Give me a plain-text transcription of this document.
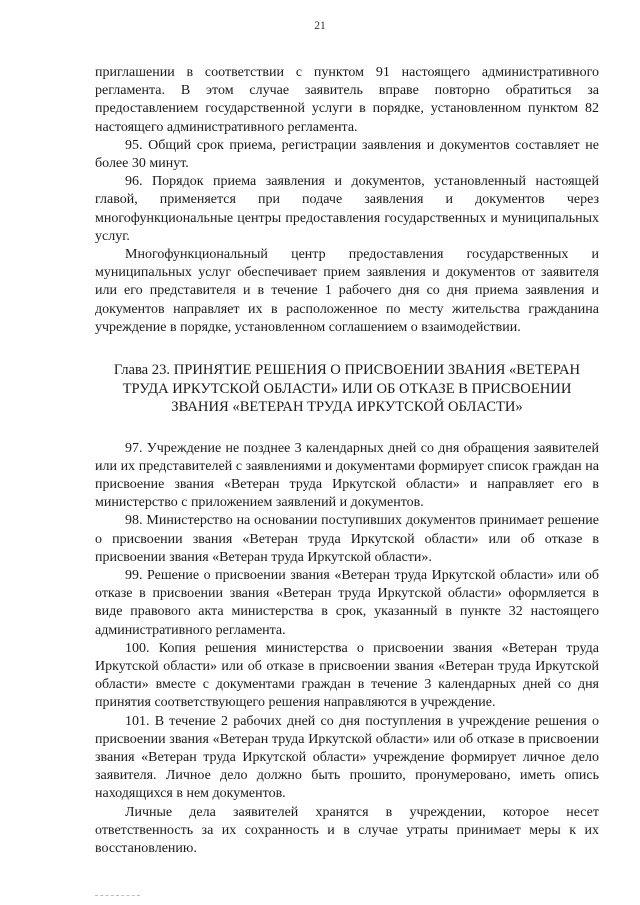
21

приглашении в соответствии с пунктом 91 настоящего административного регламента. В этом случае заявитель вправе повторно обратиться за предоставлением государственной услуги в порядке, установленном пунктом 82 настоящего административного регламента.

95. Общий срок приема, регистрации заявления и документов составляет не более 30 минут.

96. Порядок приема заявления и документов, установленный настоящей главой, применяется при подаче заявления и документов через многофункциональные центры предоставления государственных и муниципальных услуг.

Многофункциональный центр предоставления государственных и муниципальных услуг обеспечивает прием заявления и документов от заявителя или его представителя и в течение 1 рабочего дня со дня приема заявления и документов направляет их в расположенное по месту жительства гражданина учреждение в порядке, установленном соглашением о взаимодействии.

Глава 23. ПРИНЯТИЕ РЕШЕНИЯ О ПРИСВОЕНИИ ЗВАНИЯ «ВЕТЕРАН ТРУДА ИРКУТСКОЙ ОБЛАСТИ» ИЛИ ОБ ОТКАЗЕ В ПРИСВОЕНИИ ЗВАНИЯ «ВЕТЕРАН ТРУДА ИРКУТСКОЙ ОБЛАСТИ»

97. Учреждение не позднее 3 календарных дней со дня обращения заявителей или их представителей с заявлениями и документами формирует список граждан на присвоение звания «Ветеран труда Иркутской области» и направляет его в министерство с приложением заявлений и документов.

98. Министерство на основании поступивших документов принимает решение о присвоении звания «Ветеран труда Иркутской области» или об отказе в присвоении звания «Ветеран труда Иркутской области».

99. Решение о присвоении звания «Ветеран труда Иркутской области» или об отказе в присвоении звания «Ветеран труда Иркутской области» оформляется в виде правового акта министерства в срок, указанный в пункте 32 настоящего административного регламента.

100. Копия решения министерства о присвоении звания «Ветеран труда Иркутской области» или об отказе в присвоении звания «Ветеран труда Иркутской области» вместе с документами граждан в течение 3 календарных дней со дня принятия соответствующего решения направляются в учреждение.

101. В течение 2 рабочих дней со дня поступления в учреждение решения о присвоении звания «Ветеран труда Иркутской области» или об отказе в присвоении звания «Ветеран труда Иркутской области» учреждение формирует личное дело заявителя. Личное дело должно быть прошито, пронумеровано, иметь опись находящихся в нем документов.

Личные дела заявителей хранятся в учреждении, которое несет ответственность за их сохранность и в случае утраты принимает меры к их восстановлению.
